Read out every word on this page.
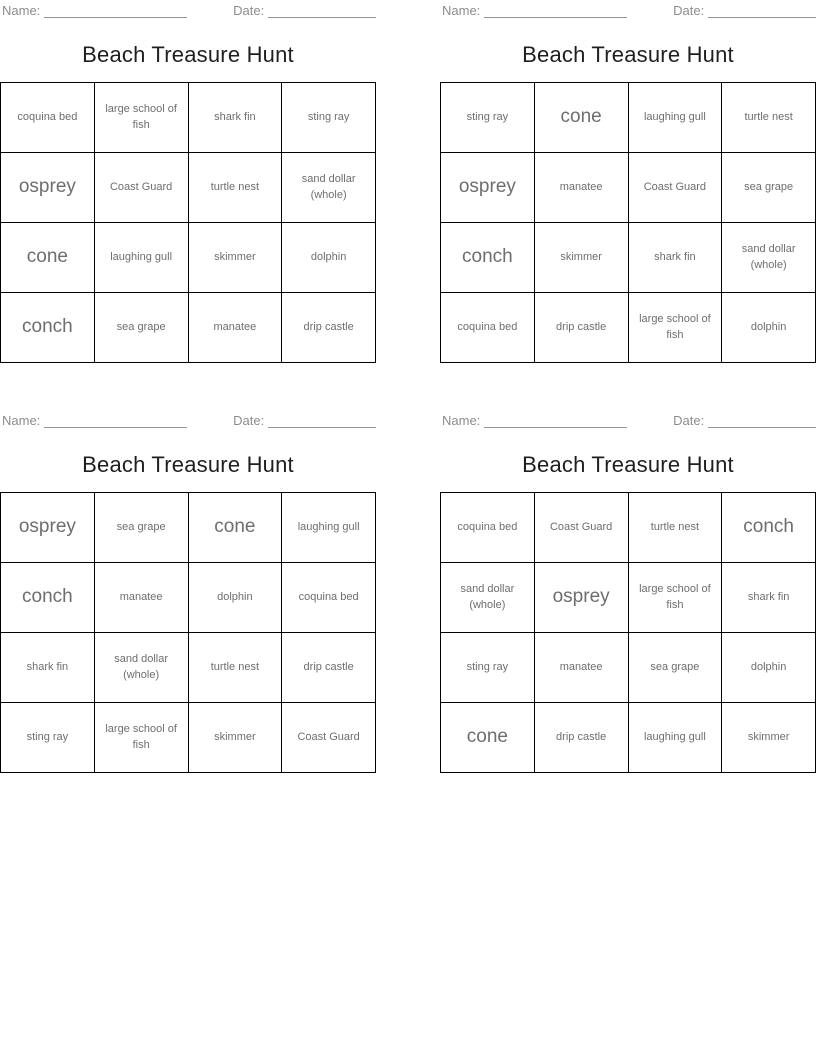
Name:	Date:
Beach Treasure Hunt
coquina bed	large school of fish	shark fin	sting ray
osprey	Coast Guard	turtle nest	sand dollar (whole)
cone	laughing gull	skimmer	dolphin
conch	sea grape	manatee	drip castle
Name:	Date:
Beach Treasure Hunt
sting ray	cone	laughing gull	turtle nest
osprey	manatee	Coast Guard	sea grape
conch	skimmer	shark fin	sand dollar (whole)
coquina bed	drip castle	large school of fish	dolphin
Name:	Date:
Beach Treasure Hunt
osprey	sea grape	cone	laughing gull
conch	manatee	dolphin	coquina bed
shark fin	sand dollar (whole)	turtle nest	drip castle
sting ray	large school of fish	skimmer	Coast Guard
Name:	Date:
Beach Treasure Hunt
coquina bed	Coast Guard	turtle nest	conch
sand dollar (whole)	osprey	large school of fish	shark fin
sting ray	manatee	sea grape	dolphin
cone	drip castle	laughing gull	skimmer
